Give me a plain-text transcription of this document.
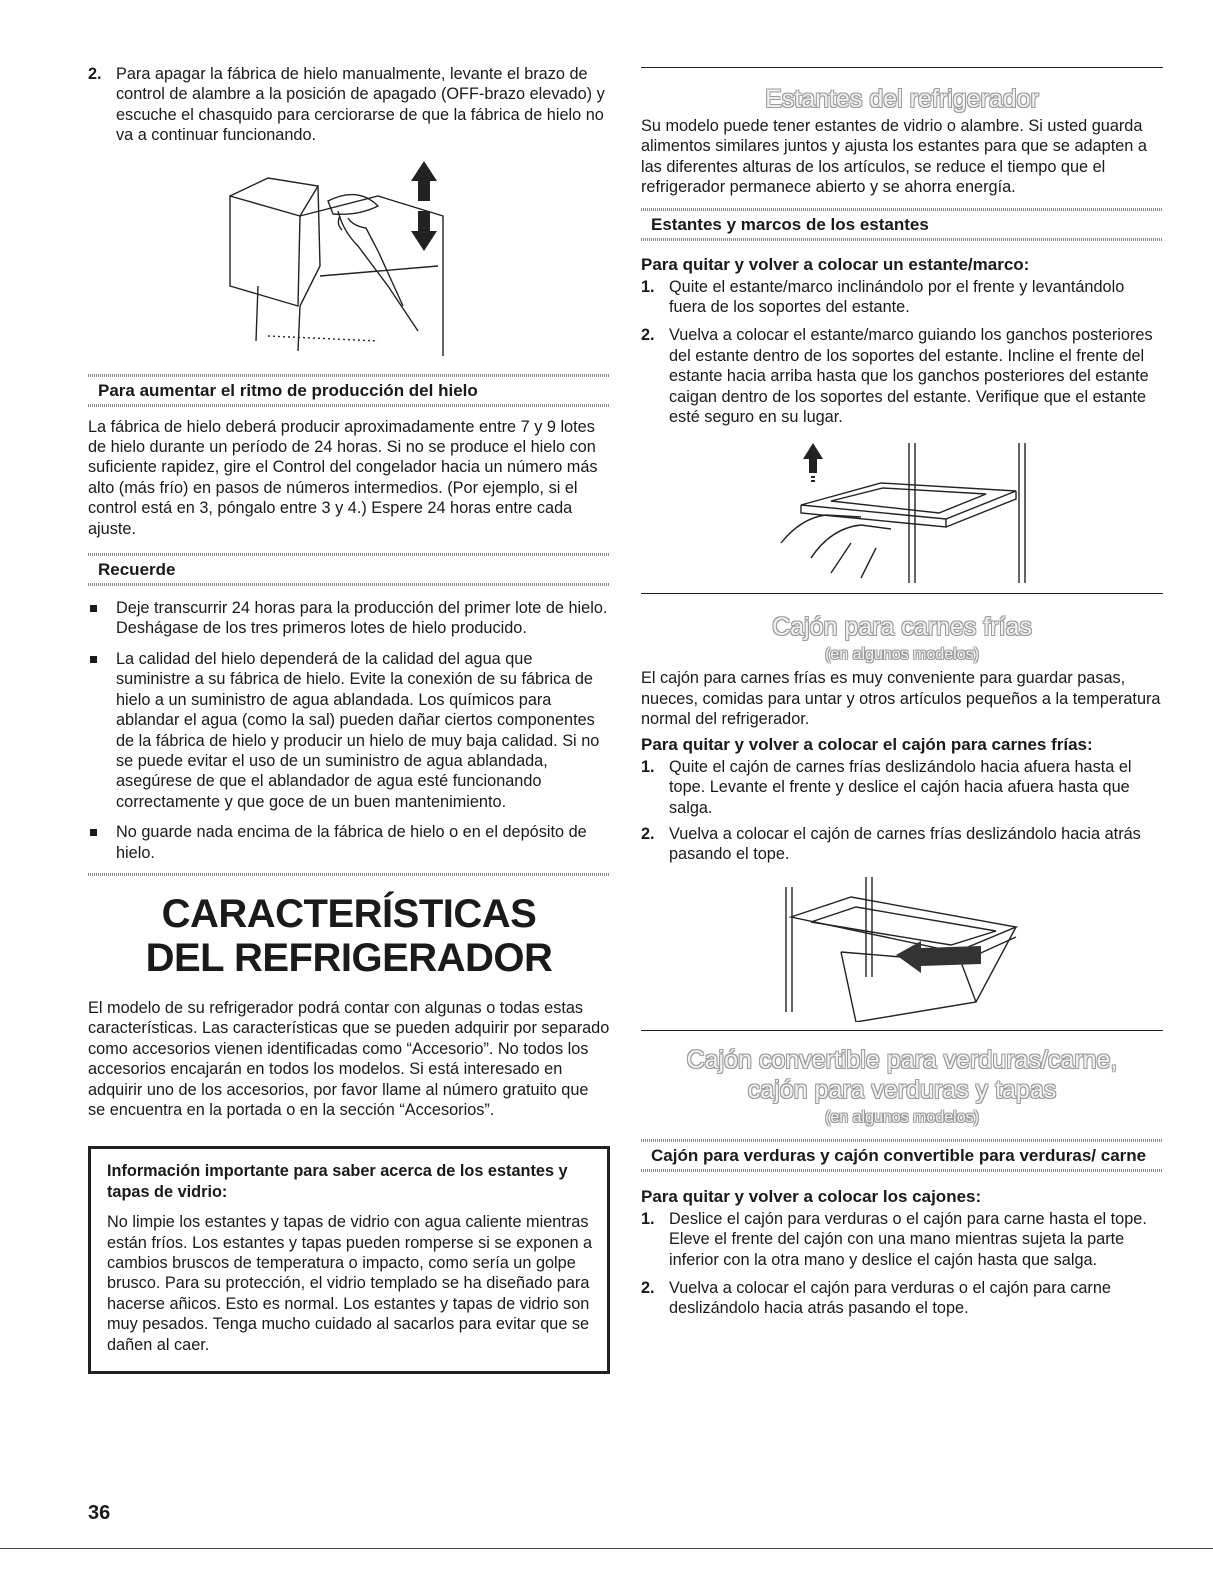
2. Para apagar la fábrica de hielo manualmente, levante el brazo de control de alambre a la posición de apagado (OFF-brazo elevado) y escuche el chasquido para cerciorarse de que la fábrica de hielo no va a continuar funcionando.
Para aumentar el ritmo de producción del hielo

La fábrica de hielo deberá producir aproximadamente entre 7 y 9 lotes de hielo durante un período de 24 horas. Si no se produce el hielo con suficiente rapidez, gire el Control del congelador hacia un número más alto (más frío) en pasos de números intermedios. (Por ejemplo, si el control está en 3, póngalo entre 3 y 4.) Espere 24 horas entre cada ajuste.

Recuerde
Deje transcurrir 24 horas para la producción del primer lote de hielo. Deshágase de los tres primeros lotes de hielo producido.
La calidad del hielo dependerá de la calidad del agua que suministre a su fábrica de hielo. Evite la conexión de su fábrica de hielo a un suministro de agua ablandada. Los químicos para ablandar el agua (como la sal) pueden dañar ciertos componentes de la fábrica de hielo y producir un hielo de muy baja calidad. Si no se puede evitar el uso de un suministro de agua ablandada, asegúrese de que el ablandador de agua esté funcionando correctamente y que goce de un buen mantenimiento.
No guarde nada encima de la fábrica de hielo o en el depósito de hielo.
CARACTERÍSTICAS
DEL REFRIGERADOR

El modelo de su refrigerador podrá contar con algunas o todas estas características. Las características que se pueden adquirir por separado como accesorios vienen identificadas como “Accesorio”. No todos los accesorios encajarán en todos los modelos. Si está interesado en adquirir uno de los accesorios, por favor llame al número gratuito que se encuentra en la portada o en la sección “Accesorios”.

Información importante para saber acerca de los estantes y tapas de vidrio:

No limpie los estantes y tapas de vidrio con agua caliente mientras están fríos. Los estantes y tapas pueden romperse si se exponen a cambios bruscos de temperatura o impacto, como sería un golpe brusco. Para su protección, el vidrio templado se ha diseñado para hacerse añicos. Esto es normal. Los estantes y tapas de vidrio son muy pesados. Tenga mucho cuidado al sacarlos para evitar que se dañen al caer.

Estantes del refrigerador

Su modelo puede tener estantes de vidrio o alambre. Si usted guarda alimentos similares juntos y ajusta los estantes para que se adapten a las diferentes alturas de los artículos, se reduce el tiempo que el refrigerador permanece abierto y se ahorra energía.

Estantes y marcos de los estantes
Para quitar y volver a colocar un estante/marco:
1. Quite el estante/marco inclinándolo por el frente y levantándolo fuera de los soportes del estante.
2. Vuelva a colocar el estante/marco guiando los ganchos posteriores del estante dentro de los soportes del estante. Incline el frente del estante hacia arriba hasta que los ganchos posteriores del estante caigan dentro de los soportes del estante. Verifique que el estante esté seguro en su lugar.
Cajón para carnes frías
(en algunos modelos)

El cajón para carnes frías es muy conveniente para guardar pasas, nueces, comidas para untar y otros artículos pequeños a la temperatura normal del refrigerador.

Para quitar y volver a colocar el cajón para carnes frías:
1. Quite el cajón de carnes frías deslizándolo hacia afuera hasta el tope. Levante el frente y deslice el cajón hacia afuera hasta que salga.
2. Vuelva a colocar el cajón de carnes frías deslizándolo hacia atrás pasando el tope.
Cajón convertible para verduras/carne,
cajón para verduras y tapas
(en algunos modelos)
Cajón para verduras y cajón convertible para verduras/ carne
Para quitar y volver a colocar los cajones:
1. Deslice el cajón para verduras o el cajón para carne hasta el tope. Eleve el frente del cajón con una mano mientras sujeta la parte inferior con la otra mano y deslice el cajón hasta que salga.
2. Vuelva a colocar el cajón para verduras o el cajón para carne deslizándolo hacia atrás pasando el tope.
36
